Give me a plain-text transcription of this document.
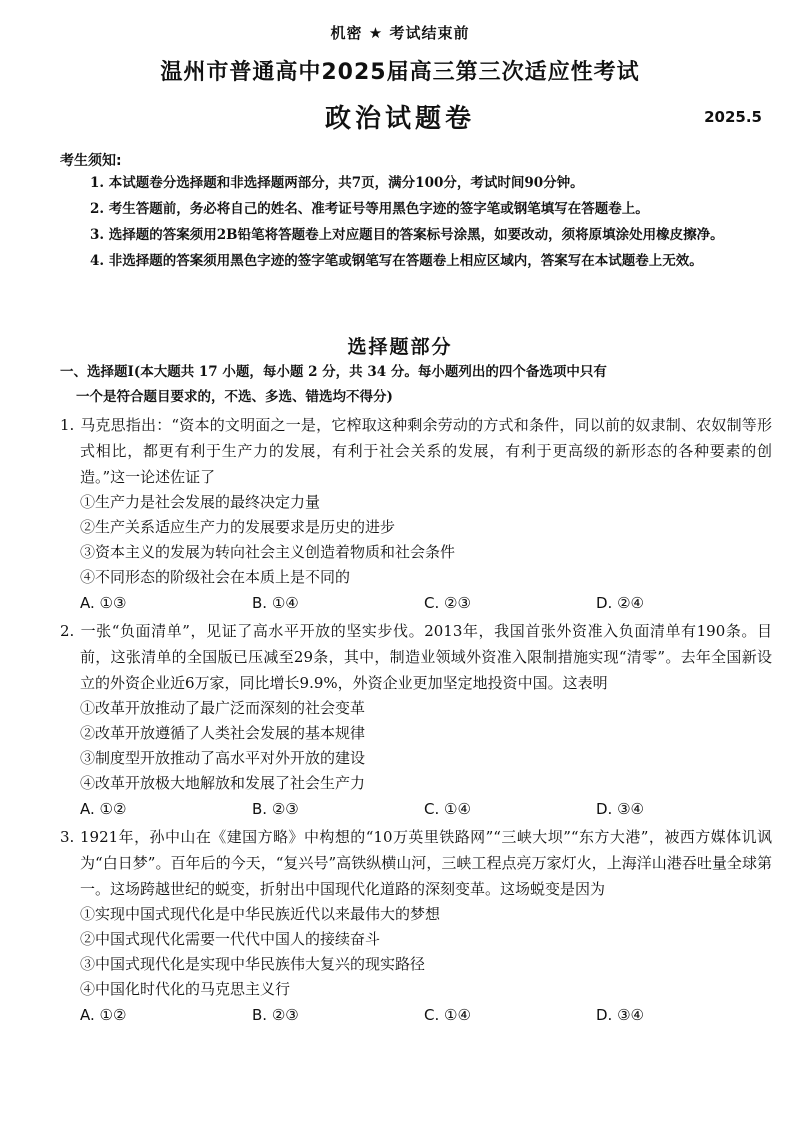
机密 ★ 考试结束前
温州市普通高中2025届高三第三次适应性考试
政治试题卷	2025.5
考生须知:
1. 本试题卷分选择题和非选择题两部分，共7页，满分100分，考试时间90分钟。
2. 考生答题前，务必将自己的姓名、准考证号等用黑色字迹的签字笔或钢笔填写在答题卷上。
3. 选择题的答案须用2B铅笔将答题卷上对应题目的答案标号涂黑，如要改动，须将原填涂处用橡皮擦净。
4. 非选择题的答案须用黑色字迹的签字笔或钢笔写在答题卷上相应区域内，答案写在本试题卷上无效。
选择题部分
一、选择题Ⅰ(本大题共 17 小题，每小题 2 分，共 34 分。每小题列出的四个备选项中只有
一个是符合题目要求的，不选、多选、错选均不得分)
1. 马克思指出：“资本的文明面之一是，它榨取这种剩余劳动的方式和条件，同以前的奴隶制、农奴制等形式相比，都更有利于生产力的发展，有利于社会关系的发展，有利于更高级的新形态的各种要素的创造。”这一论述佐证了
①生产力是社会发展的最终决定力量
②生产关系适应生产力的发展要求是历史的进步
③资本主义的发展为转向社会主义创造着物质和社会条件
④不同形态的阶级社会在本质上是不同的
A. ①③	B. ①④	C. ②③	D. ②④
2. 一张“负面清单”，见证了高水平开放的坚实步伐。2013年，我国首张外资准入负面清单有190条。目前，这张清单的全国版已压减至29条，其中，制造业领域外资准入限制措施实现“清零”。去年全国新设立的外资企业近6万家，同比增长9.9%，外资企业更加坚定地投资中国。这表明
①改革开放推动了最广泛而深刻的社会变革
②改革开放遵循了人类社会发展的基本规律
③制度型开放推动了高水平对外开放的建设
④改革开放极大地解放和发展了社会生产力
A. ①②	B. ②③	C. ①④	D. ③④
3. 1921年，孙中山在《建国方略》中构想的“10万英里铁路网”“三峡大坝”“东方大港”，被西方媒体讥讽为“白日梦”。百年后的今天，“复兴号”高铁纵横山河，三峡工程点亮万家灯火，上海洋山港吞吐量全球第一。这场跨越世纪的蜕变，折射出中国现代化道路的深刻变革。这场蜕变是因为
①实现中国式现代化是中华民族近代以来最伟大的梦想
②中国式现代化需要一代代中国人的接续奋斗
③中国式现代化是实现中华民族伟大复兴的现实路径
④中国化时代化的马克思主义行
A. ①②	B. ②③	C. ①④	D. ③④
